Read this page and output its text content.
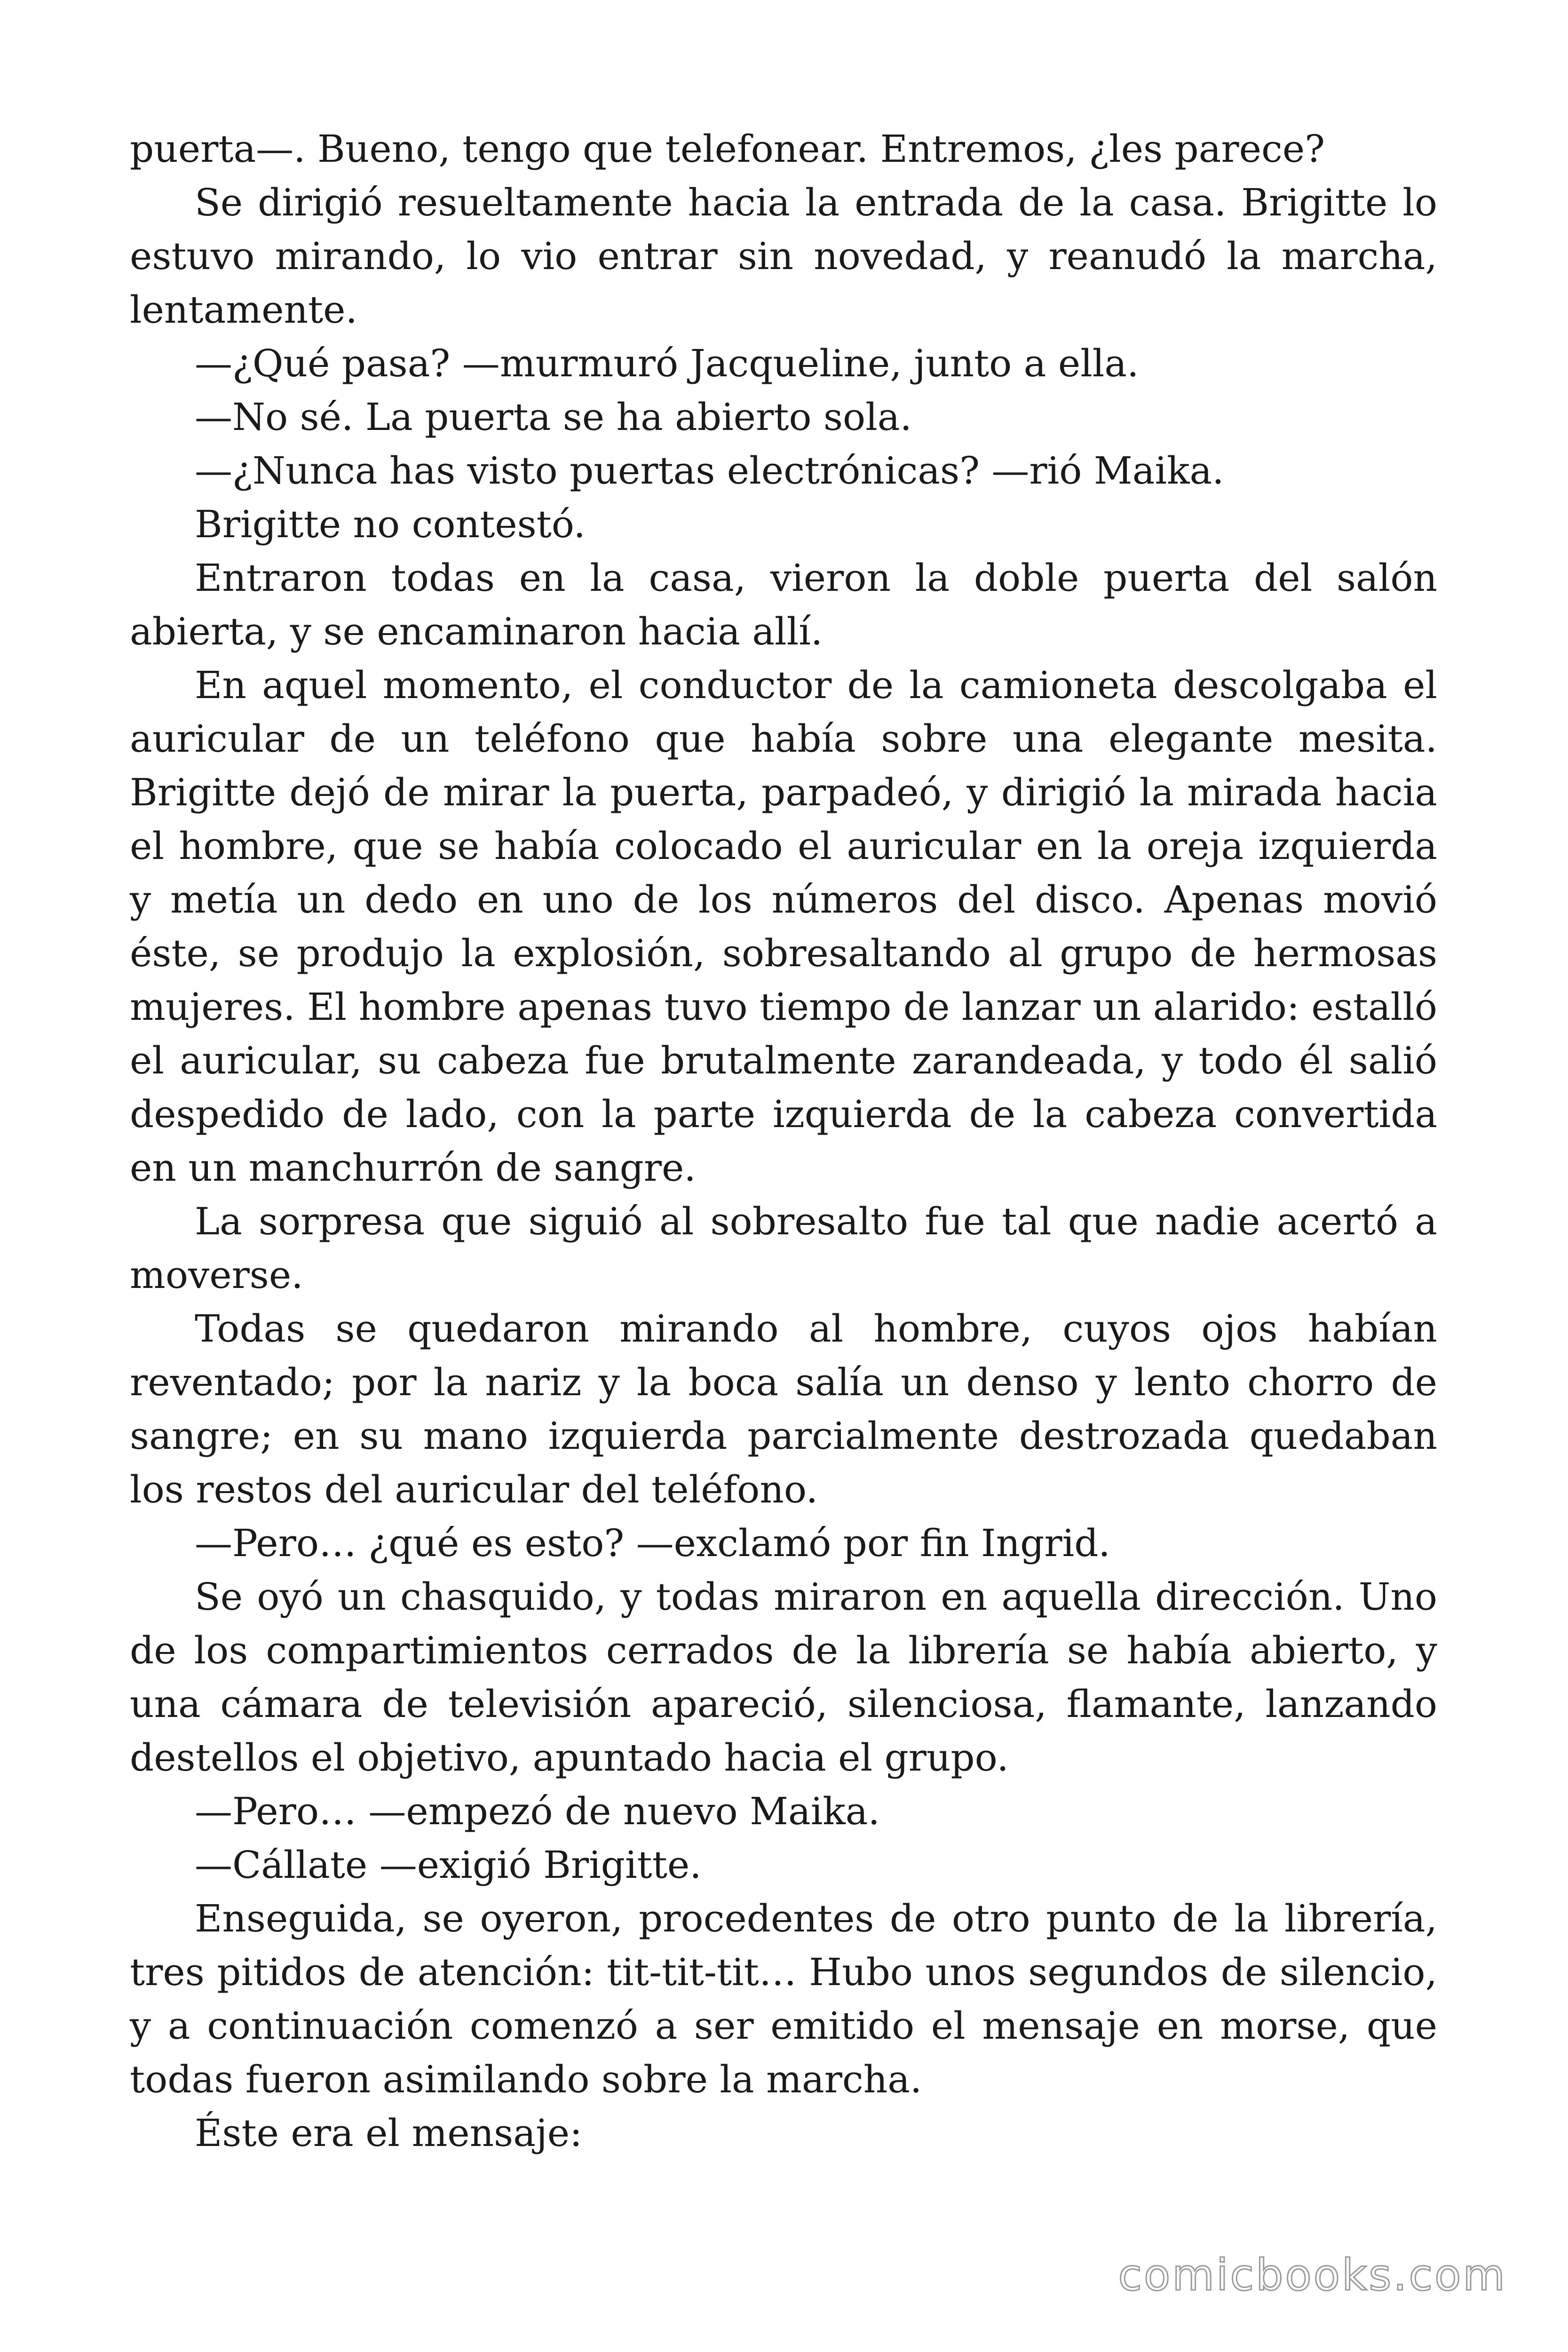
puerta—. Bueno, tengo que telefonear. Entremos, ¿les parece?

Se dirigió resueltamente hacia la entrada de la casa. Brigitte lo estuvo mirando, lo vio entrar sin novedad, y reanudó la marcha, lentamente.

—¿Qué pasa? —murmuró Jacqueline, junto a ella.

—No sé. La puerta se ha abierto sola.

—¿Nunca has visto puertas electrónicas? —rió Maika.

Brigitte no contestó.

Entraron todas en la casa, vieron la doble puerta del salón abierta, y se encaminaron hacia allí.

En aquel momento, el conductor de la camioneta descolgaba el auricular de un teléfono que había sobre una elegante mesita. Brigitte dejó de mirar la puerta, parpadeó, y dirigió la mirada hacia el hombre, que se había colocado el auricular en la oreja izquierda y metía un dedo en uno de los números del disco. Apenas movió éste, se produjo la explosión, sobresaltando al grupo de hermosas mujeres. El hombre apenas tuvo tiempo de lanzar un alarido: estalló el auricular, su cabeza fue brutalmente zarandeada, y todo él salió despedido de lado, con la parte izquierda de la cabeza convertida en un manchurrón de sangre.

La sorpresa que siguió al sobresalto fue tal que nadie acertó a moverse.

Todas se quedaron mirando al hombre, cuyos ojos habían reventado; por la nariz y la boca salía un denso y lento chorro de sangre; en su mano izquierda parcialmente destrozada quedaban los restos del auricular del teléfono.

—Pero… ¿qué es esto? —exclamó por fin Ingrid.

Se oyó un chasquido, y todas miraron en aquella dirección. Uno de los compartimientos cerrados de la librería se había abierto, y una cámara de televisión apareció, silenciosa, flamante, lanzando destellos el objetivo, apuntado hacia el grupo.

—Pero… —empezó de nuevo Maika.

—Cállate —exigió Brigitte.

Enseguida, se oyeron, procedentes de otro punto de la librería, tres pitidos de atención: tit-tit-tit… Hubo unos segundos de silencio, y a continuación comenzó a ser emitido el mensaje en morse, que todas fueron asimilando sobre la marcha.

Éste era el mensaje:

comicbooks.com
